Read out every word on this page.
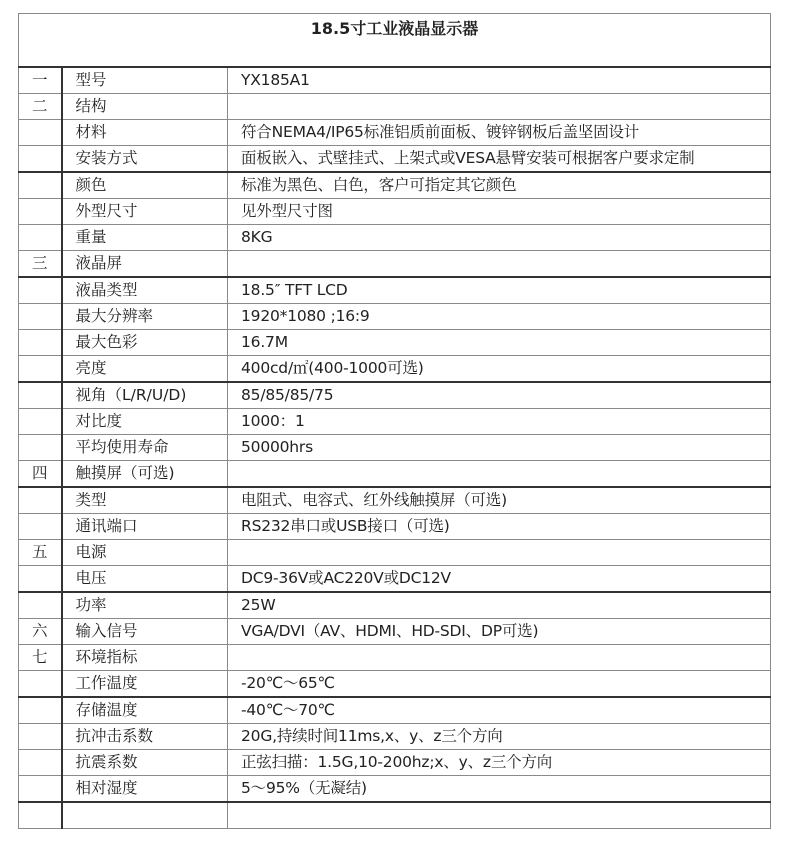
18.5寸工业液晶显示器		
一	型号	YX185A1
二	结构	
	材料	符合NEMA4/IP65标准铝质前面板、镀锌钢板后盖坚固设计
	安装方式	面板嵌入、式壁挂式、上架式或VESA悬臂安装可根据客户要求定制
	颜色	标准为黑色、白色，客户可指定其它颜色
	外型尺寸	见外型尺寸图
	重量	8KG
三	液晶屏	
	液晶类型	18.5″ TFT LCD
	最大分辨率	1920*1080 ;16:9
	最大色彩	16.7M
	亮度	400cd/㎡(400-1000可选)
	视角（L/R/U/D)	85/85/85/75
	对比度	1000：1
	平均使用寿命	50000hrs
四	触摸屏（可选)	
	类型	电阻式、电容式、红外线触摸屏（可选)
	通讯端口	RS232串口或USB接口（可选)
五	电源	
	电压	DC9-36V或AC220V或DC12V
	功率	25W
六	输入信号	VGA/DVI（AV、HDMI、HD-SDI、DP可选)
七	环境指标	
	工作温度	-20℃～65℃
	存储温度	-40℃～70℃
	抗冲击系数	20G,持续时间11ms,x、y、z三个方向
	抗震系数	正弦扫描：1.5G,10-200hz;x、y、z三个方向
	相对湿度	5～95%（无凝结)
